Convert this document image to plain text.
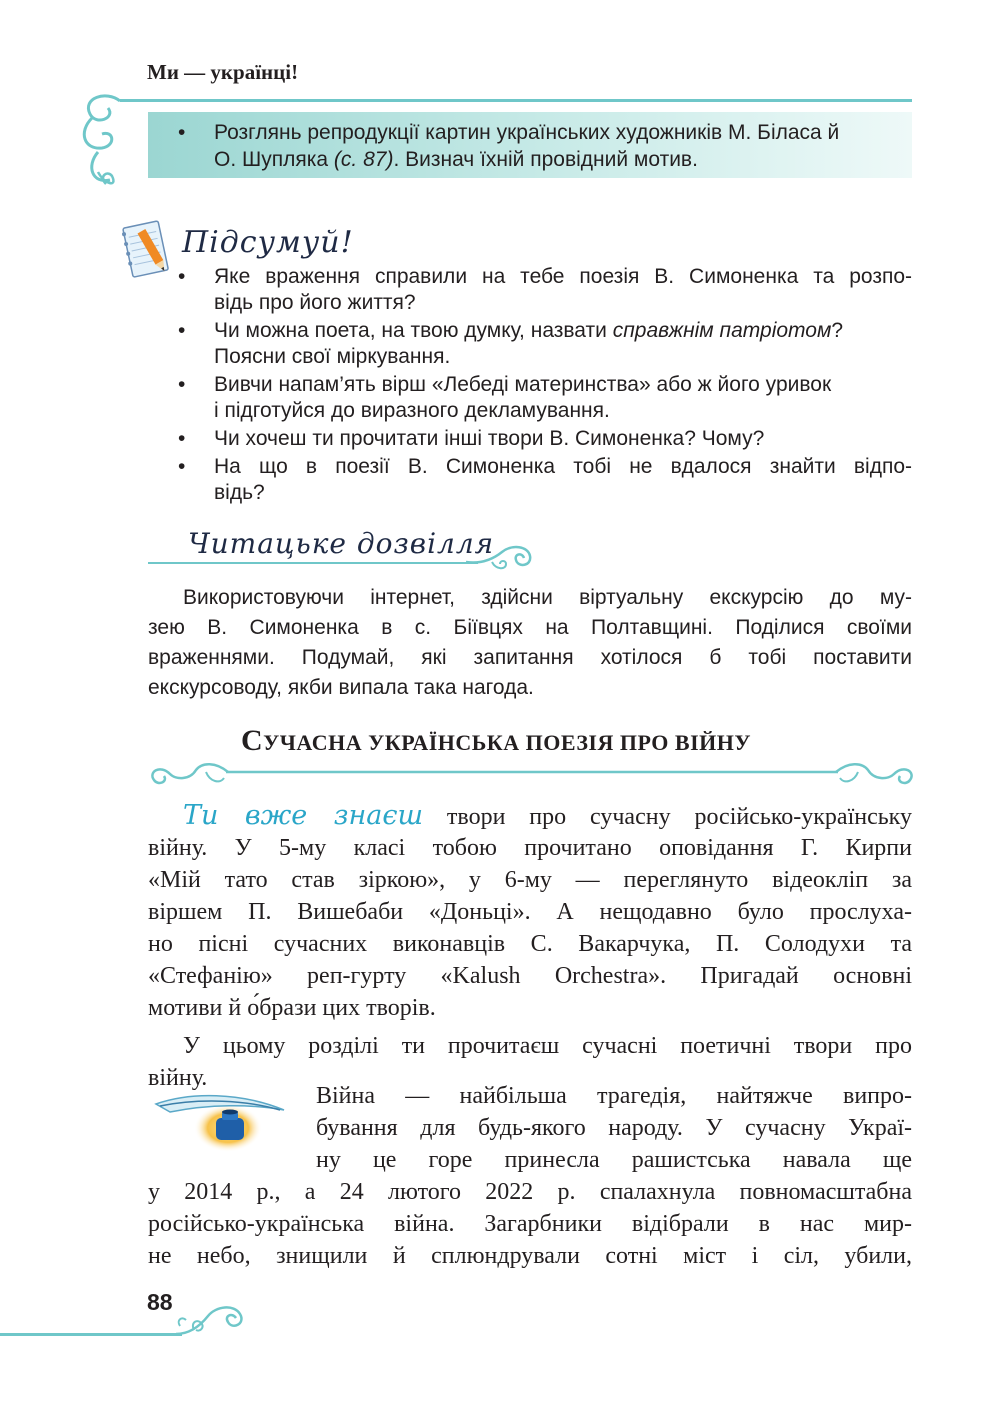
Ми — українці!
• Розглянь репродукції картин українських художників М. Біласа й
О. Шупляка (с. 87). Визнач їхній провідний мотив.
Підсумуй!
• Яке враження справили на тебе поезія В. Симоненка та розпо-
відь про його життя?
• Чи можна поета, на твою думку, назвати справжнім патріотом?
Поясни свої міркування.
• Вивчи напам’ять вірш «Лебеді материнства» або ж його уривок
і підготуйся до виразного декламування.
• Чи хочеш ти прочитати інші твори В. Симоненка? Чому?
• На що в поезії В. Симоненка тобі не вдалося знайти відпо-
відь?
Читацьке дозвілля
Використовуючи інтернет, здійсни віртуальну екскурсію до му-
зею В. Симоненка в с. Біївцях на Полтавщині. Поділися своїми
враженнями. Подумай, які запитання хотілося б тобі поставити
екскурсоводу, якби випала така нагода.
СУЧАСНА УКРАЇНСЬКА ПОЕЗІЯ ПРО ВІЙНУ
Ти вже знаєш твори про сучасну російсько-українську
війну. У 5-му класі тобою прочитано оповідання Г. Кирпи
«Мій тато став зіркою», у 6-му — переглянуто відеокліп за
віршем П. Вишебаби «Доньці». А нещодавно було прослуха-
но пісні сучасних виконавців С. Вакарчука, П. Солодухи та
«Стефанію» реп-гурту «Kalush Orchestra». Пригадай основні
мотиви й о́брази цих творів.
У цьому розділі ти прочитаєш сучасні поетичні твори про
війну.
Війна — найбільша трагедія, найтяжче випро-
бування для будь-якого народу. У сучасну Украї-
ну це горе принесла рашистська навала ще
у 2014 р., а 24 лютого 2022 р. спалахнула повномасштабна
російсько-українська війна. Загарбники відібрали в нас мир-
не небо, знищили й сплюндрували сотні міст і сіл, убили,
88
